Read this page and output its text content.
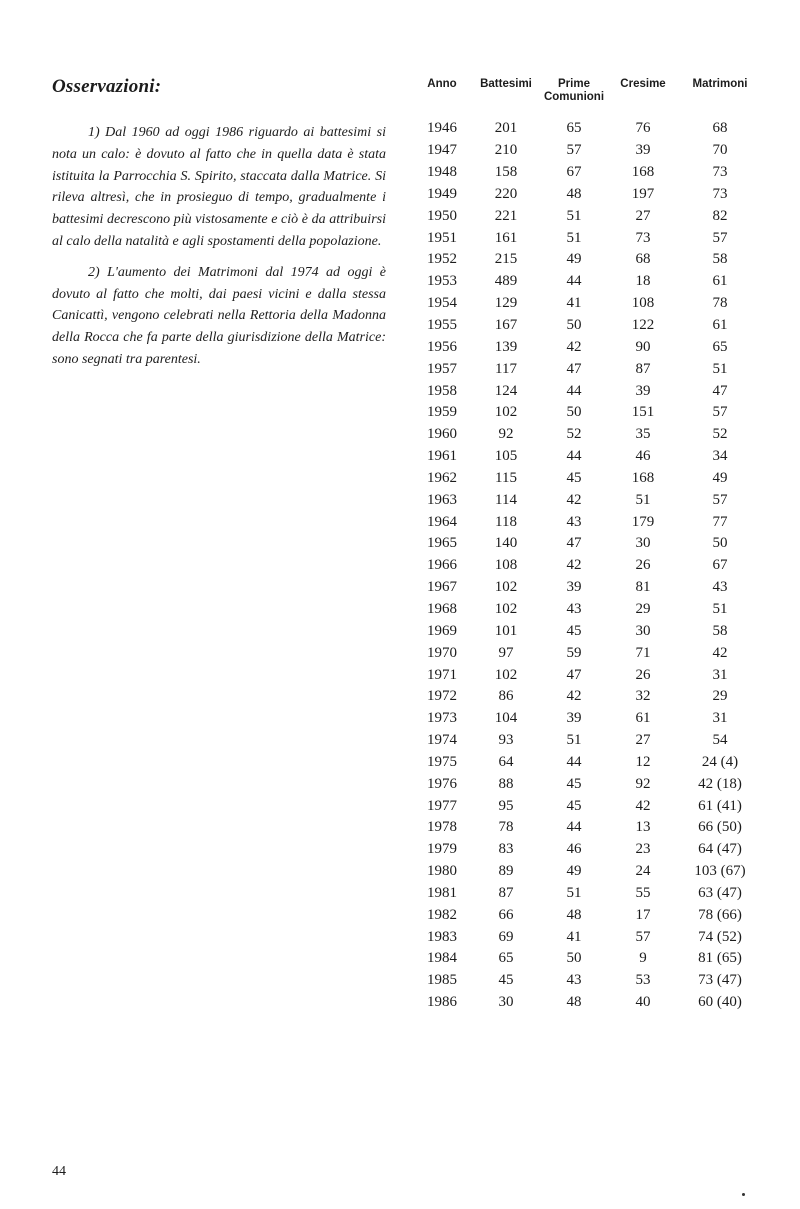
Osservazioni:

1) Dal 1960 ad oggi 1986 riguardo ai battesimi si nota un calo: è dovuto al fatto che in quella data è stata istituita la Parrocchia S. Spirito, staccata dalla Matrice. Si rileva altresì, che in prosieguo di tempo, gradualmente i battesimi decrescono più vistosamente e ciò è da attribuirsi al calo della natalità e agli spostamenti della popolazione.

2) L'aumento dei Matrimoni dal 1974 ad oggi è dovuto al fatto che molti, dai paesi vicini e dalla stessa Canicattì, vengono celebrati nella Rettoria della Madonna della Rocca che fa parte della giurisdizione della Matrice: sono segnati tra parentesi.

Anno	Battesimi	Prime Comunioni	Cresime	Matrimoni
1946	201	65	76	68
1947	210	57	39	70
1948	158	67	168	73
1949	220	48	197	73
1950	221	51	27	82
1951	161	51	73	57
1952	215	49	68	58
1953	489	44	18	61
1954	129	41	108	78
1955	167	50	122	61
1956	139	42	90	65
1957	117	47	87	51
1958	124	44	39	47
1959	102	50	151	57
1960	92	52	35	52
1961	105	44	46	34
1962	115	45	168	49
1963	114	42	51	57
1964	118	43	179	77
1965	140	47	30	50
1966	108	42	26	67
1967	102	39	81	43
1968	102	43	29	51
1969	101	45	30	58
1970	97	59	71	42
1971	102	47	26	31
1972	86	42	32	29
1973	104	39	61	31
1974	93	51	27	54
1975	64	44	12	24 (4)
1976	88	45	92	42 (18)
1977	95	45	42	61 (41)
1978	78	44	13	66 (50)
1979	83	46	23	64 (47)
1980	89	49	24	103 (67)
1981	87	51	55	63 (47)
1982	66	48	17	78 (66)
1983	69	41	57	74 (52)
1984	65	50	9	81 (65)
1985	45	43	53	73 (47)
1986	30	48	40	60 (40)
44
